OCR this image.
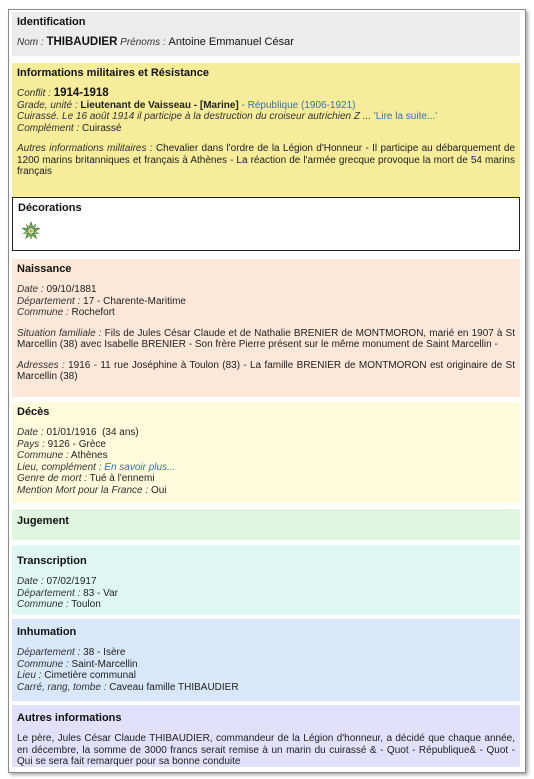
Identification

Nom : THIBAUDIER Prénoms : Antoine Emmanuel César

Informations militaires et Résistance

Conflit : 1914-1918

Grade, unité : Lieutenant de Vaisseau - [Marine] - République (1906-1921)

Cuirassé. Le 16 août 1914 il participe à la destruction du croiseur autrichien Z ... 'Lire la suite...'

Complément : Cuirassé

Autres informations militaires : Chevalier dans l'ordre de la Légion d'Honneur - Il participe au débarquement de 1200 marins britanniques et français à Athènes - La réaction de l'armée grecque provoque la mort de 54 marins français

Décorations

Naissance

Date : 09/10/1881

Département : 17 - Charente-Maritime

Commune : Rochefort

Situation familiale : Fils de Jules César Claude et de Nathalie BRENIER de MONTMORON, marié en 1907 à St Marcellin (38) avec Isabelle BRENIER - Son frère Pierre présent sur le même monument de Saint Marcellin -

Adresses : 1916 - 11 rue Joséphine à Toulon (83) - La famille BRENIER de MONTMORON est originaire de St Marcellin (38)

Décès

Date : 01/01/1916  (34 ans)

Pays : 9126 - Grèce

Commune : Athènes

Lieu, complément : En savoir plus...

Genre de mort : Tué à l'ennemi

Mention Mort pour la France : Oui

Jugement

Transcription

Date : 07/02/1917

Département : 83 - Var

Commune : Toulon

Inhumation

Département : 38 - Isère

Commune : Saint-Marcellin

Lieu : Cimetière communal

Carré, rang, tombe : Caveau famille THIBAUDIER

Autres informations

Le père, Jules César Claude THIBAUDIER, commandeur de la Légion d'honneur, a décidé que chaque année, en décembre, la somme de 3000 francs serait remise à un marin du cuirassé & - Quot - République& - Quot - Qui se sera fait remarquer pour sa bonne conduite
